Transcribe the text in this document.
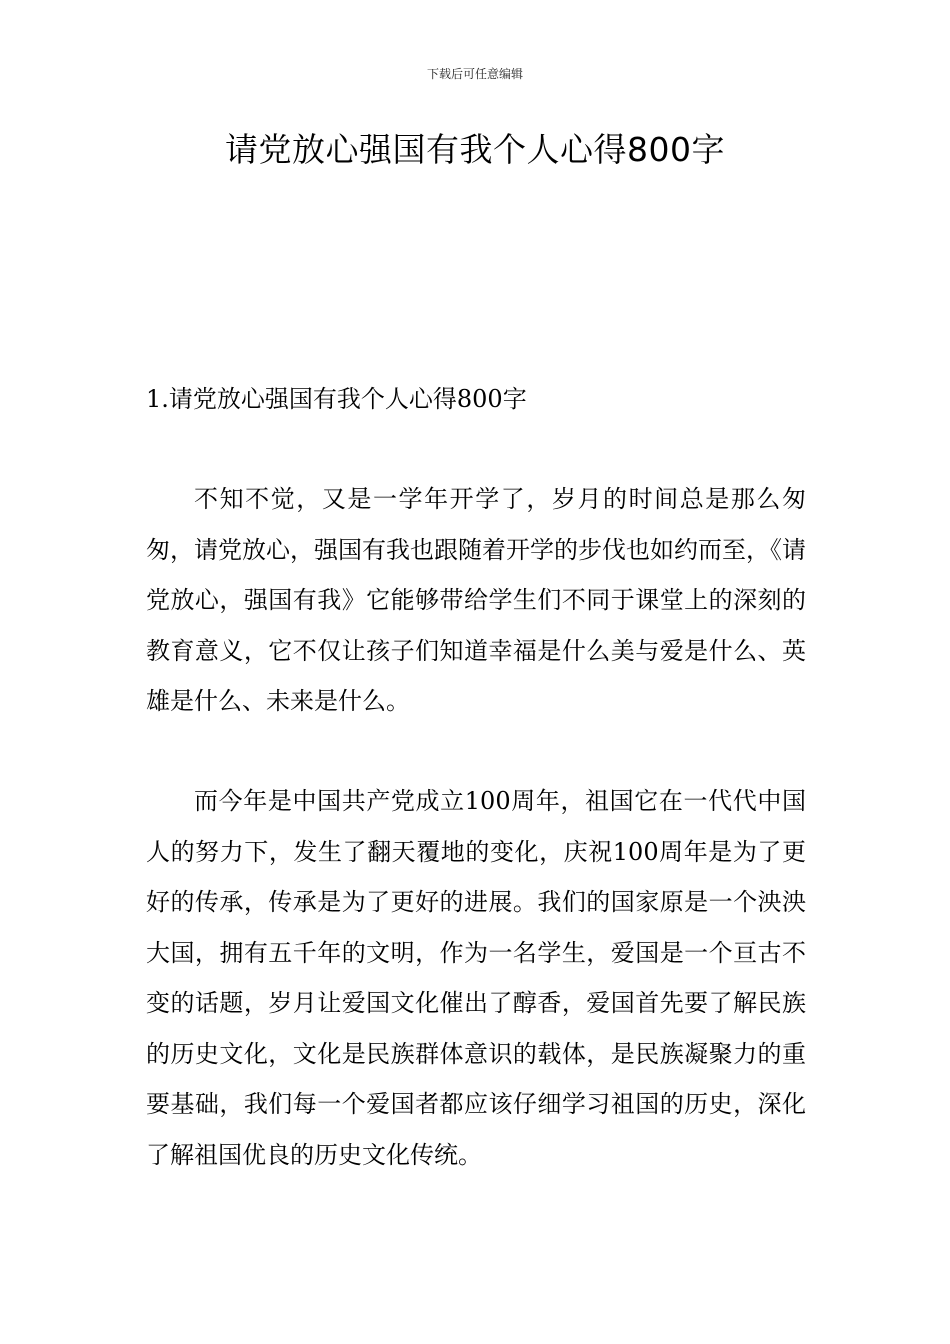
下载后可任意编辑
请党放心强国有我个人心得800字
1.请党放心强国有我个人心得800字

不知不觉，又是一学年开学了，岁月的时间总是那么匆匆，请党放心，强国有我也跟随着开学的步伐也如约而至，《请党放心，强国有我》它能够带给学生们不同于课堂上的深刻的教育意义，它不仅让孩子们知道幸福是什么美与爱是什么、英雄是什么、未来是什么。

而今年是中国共产党成立100周年，祖国它在一代代中国人的努力下，发生了翻天覆地的变化，庆祝100周年是为了更好的传承，传承是为了更好的进展。我们的国家原是一个泱泱大国，拥有五千年的文明，作为一名学生，爱国是一个亘古不变的话题，岁月让爱国文化催出了醇香，爱国首先要了解民族的历史文化，文化是民族群体意识的载体，是民族凝聚力的重要基础，我们每一个爱国者都应该仔细学习祖国的历史，深化了解祖国优良的历史文化传统。
